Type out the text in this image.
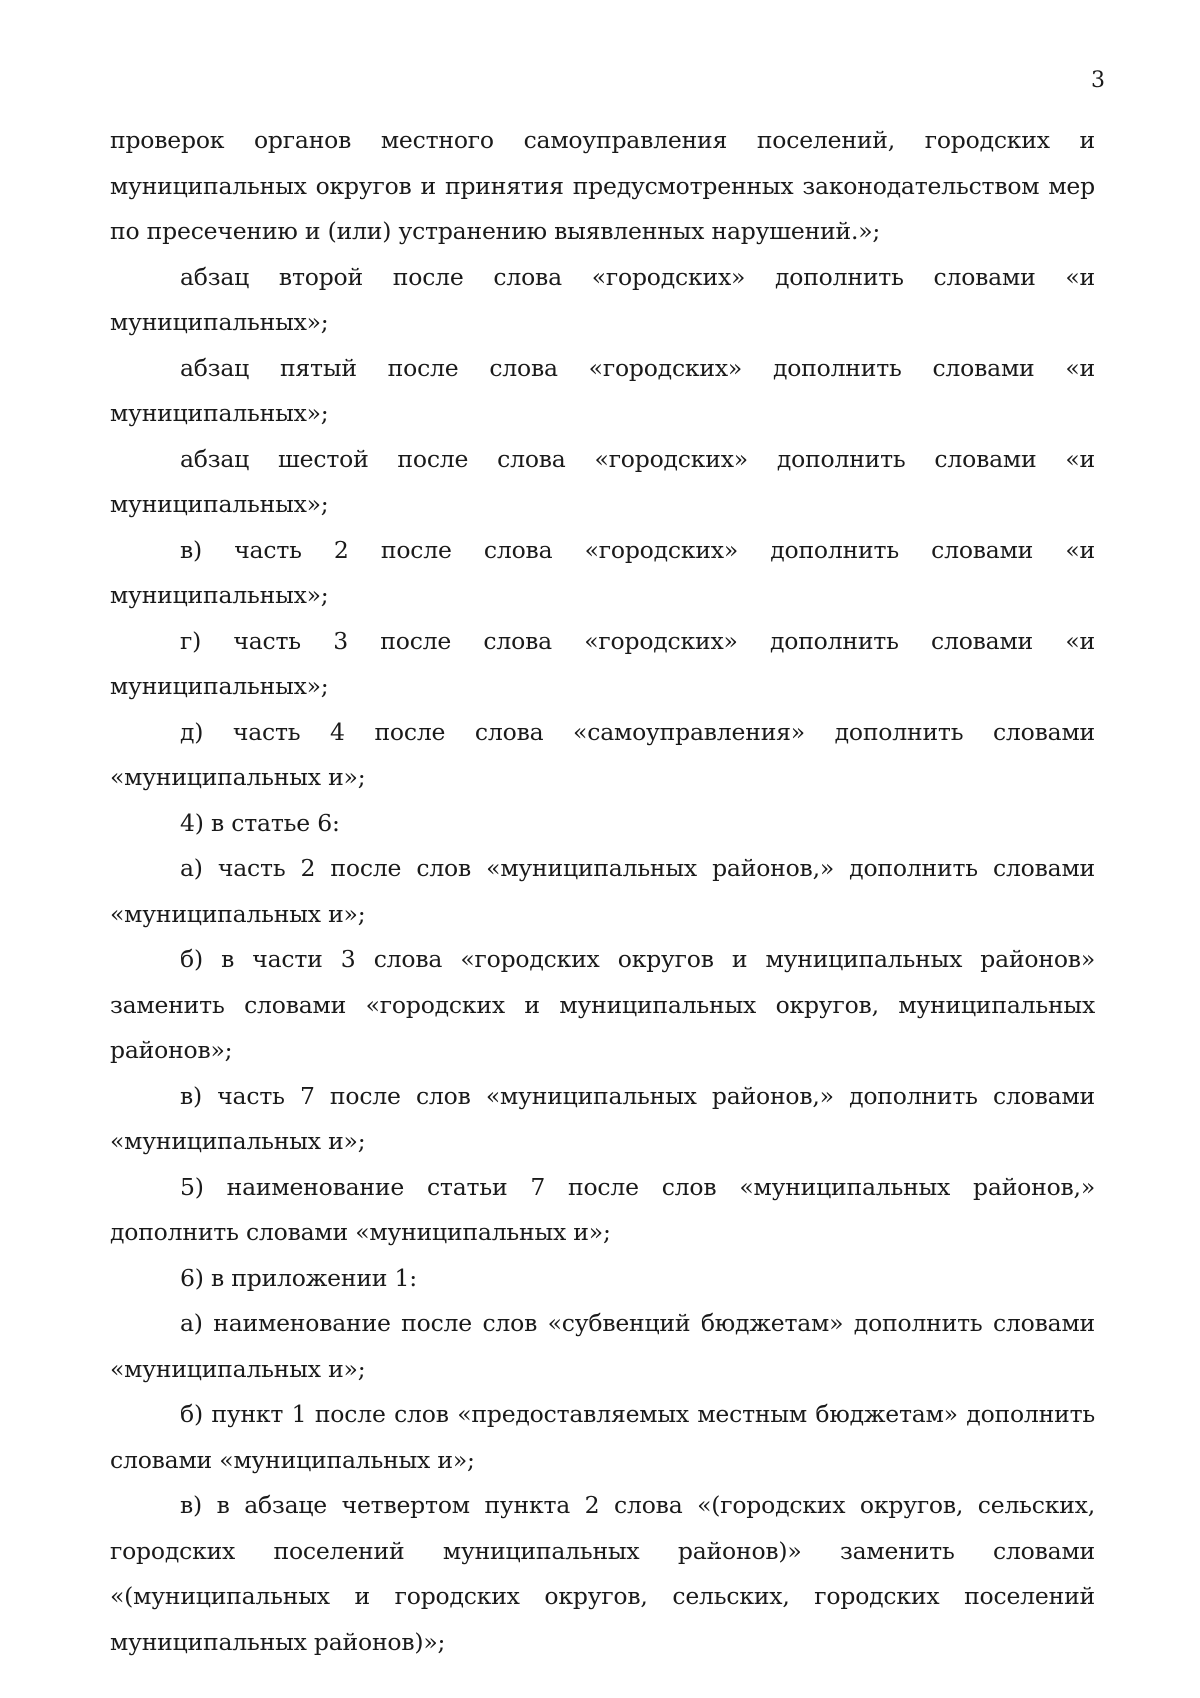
3

проверок органов местного самоуправления поселений, городских и муниципальных округов и принятия предусмотренных законодательством мер по пресечению и (или) устранению выявленных нарушений.»;

абзац второй после слова «городских» дополнить словами «и муниципальных»;

абзац пятый после слова «городских» дополнить словами «и муниципальных»;

абзац шестой после слова «городских» дополнить словами «и муниципальных»;

в) часть 2 после слова «городских» дополнить словами «и муниципальных»;

г) часть 3 после слова «городских» дополнить словами «и муниципальных»;

д) часть 4 после слова «самоуправления» дополнить словами «муниципальных и»;

4) в статье 6:

а) часть 2 после слов «муниципальных районов,» дополнить словами «муниципальных и»;

б) в части 3 слова «городских округов и муниципальных районов» заменить словами «городских и муниципальных округов, муниципальных районов»;

в) часть 7 после слов «муниципальных районов,» дополнить словами «муниципальных и»;

5) наименование статьи 7 после слов «муниципальных районов,» дополнить словами «муниципальных и»;

6) в приложении 1:

а) наименование после слов «субвенций бюджетам» дополнить словами «муниципальных и»;

б) пункт 1 после слов «предоставляемых местным бюджетам» дополнить словами «муниципальных и»;

в) в абзаце четвертом пункта 2 слова «(городских округов, сельских, городских поселений муниципальных районов)» заменить словами «(муниципальных и городских округов, сельских, городских поселений муниципальных районов)»;
